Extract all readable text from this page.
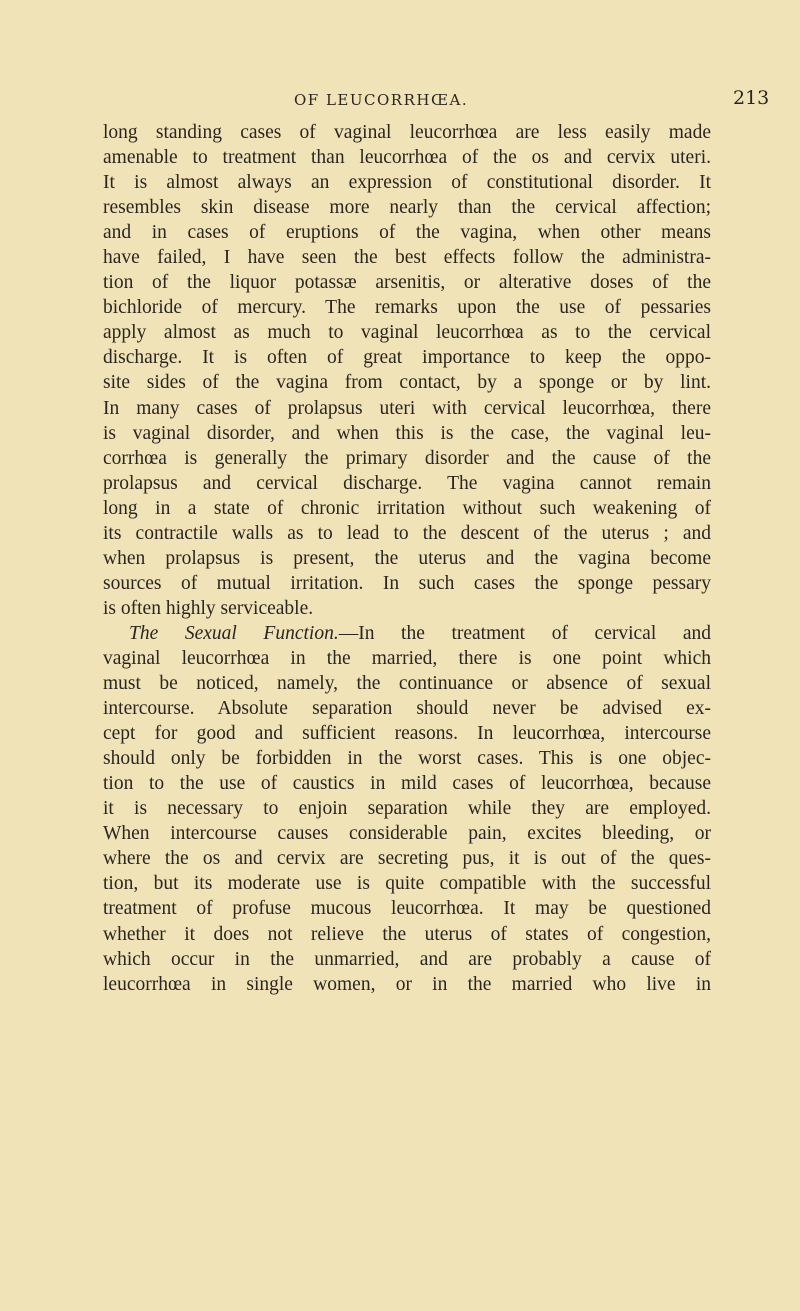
OF LEUCORRHŒA.	213
long standing cases of vaginal leucorrhœa are less easily made
amenable to treatment than leucorrhœa of the os and cervix uteri.
It is almost always an expression of constitutional disorder. It
resembles skin disease more nearly than the cervical affection;
and in cases of eruptions of the vagina, when other means
have failed, I have seen the best effects follow the administra-
tion of the liquor potassæ arsenitis, or alterative doses of the
bichloride of mercury. The remarks upon the use of pessaries
apply almost as much to vaginal leucorrhœa as to the cervical
discharge. It is often of great importance to keep the oppo-
site sides of the vagina from contact, by a sponge or by lint.
In many cases of prolapsus uteri with cervical leucorrhœa, there
is vaginal disorder, and when this is the case, the vaginal leu-
corrhœa is generally the primary disorder and the cause of the
prolapsus and cervical discharge. The vagina cannot remain
long in a state of chronic irritation without such weakening of
its contractile walls as to lead to the descent of the uterus ; and
when prolapsus is present, the uterus and the vagina become
sources of mutual irritation. In such cases the sponge pessary
is often highly serviceable.
The Sexual Function.—In the treatment of cervical and
vaginal leucorrhœa in the married, there is one point which
must be noticed, namely, the continuance or absence of sexual
intercourse. Absolute separation should never be advised ex-
cept for good and sufficient reasons. In leucorrhœa, intercourse
should only be forbidden in the worst cases. This is one objec-
tion to the use of caustics in mild cases of leucorrhœa, because
it is necessary to enjoin separation while they are employed.
When intercourse causes considerable pain, excites bleeding, or
where the os and cervix are secreting pus, it is out of the ques-
tion, but its moderate use is quite compatible with the successful
treatment of profuse mucous leucorrhœa. It may be questioned
whether it does not relieve the uterus of states of congestion,
which occur in the unmarried, and are probably a cause of
leucorrhœa in single women, or in the married who live in
